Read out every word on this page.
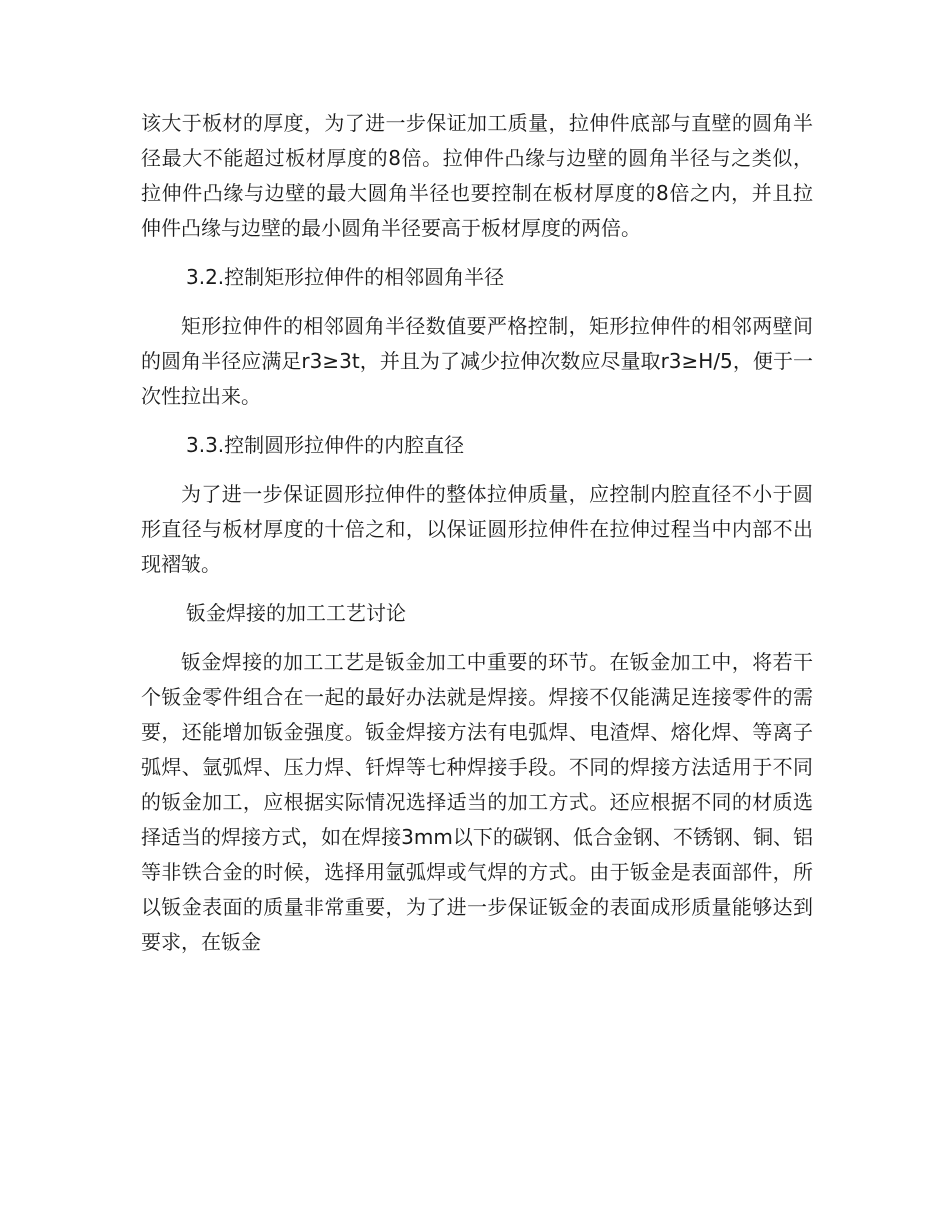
该大于板材的厚度，为了进一步保证加工质量，拉伸件底部与直壁的圆角半径最大不能超过板材厚度的8倍。拉伸件凸缘与边壁的圆角半径与之类似，拉伸件凸缘与边壁的最大圆角半径也要控制在板材厚度的8倍之内，并且拉伸件凸缘与边壁的最小圆角半径要高于板材厚度的两倍。

3.2.控制矩形拉伸件的相邻圆角半径

矩形拉伸件的相邻圆角半径数值要严格控制，矩形拉伸件的相邻两壁间的圆角半径应满足r3≥3t，并且为了减少拉伸次数应尽量取r3≥H/5，便于一次性拉出来。

3.3.控制圆形拉伸件的内腔直径

为了进一步保证圆形拉伸件的整体拉伸质量，应控制内腔直径不小于圆形直径与板材厚度的十倍之和，以保证圆形拉伸件在拉伸过程当中内部不出现褶皱。

钣金焊接的加工工艺讨论

钣金焊接的加工工艺是钣金加工中重要的环节。在钣金加工中，将若干个钣金零件组合在一起的最好办法就是焊接。焊接不仅能满足连接零件的需要，还能增加钣金强度。钣金焊接方法有电弧焊、电渣焊、熔化焊、等离子弧焊、氩弧焊、压力焊、钎焊等七种焊接手段。不同的焊接方法适用于不同的钣金加工，应根据实际情况选择适当的加工方式。还应根据不同的材质选择适当的焊接方式，如在焊接3mm以下的碳钢、低合金钢、不锈钢、铜、铝等非铁合金的时候，选择用氩弧焊或气焊的方式。由于钣金是表面部件，所以钣金表面的质量非常重要，为了进一步保证钣金的表面成形质量能够达到要求，在钣金
